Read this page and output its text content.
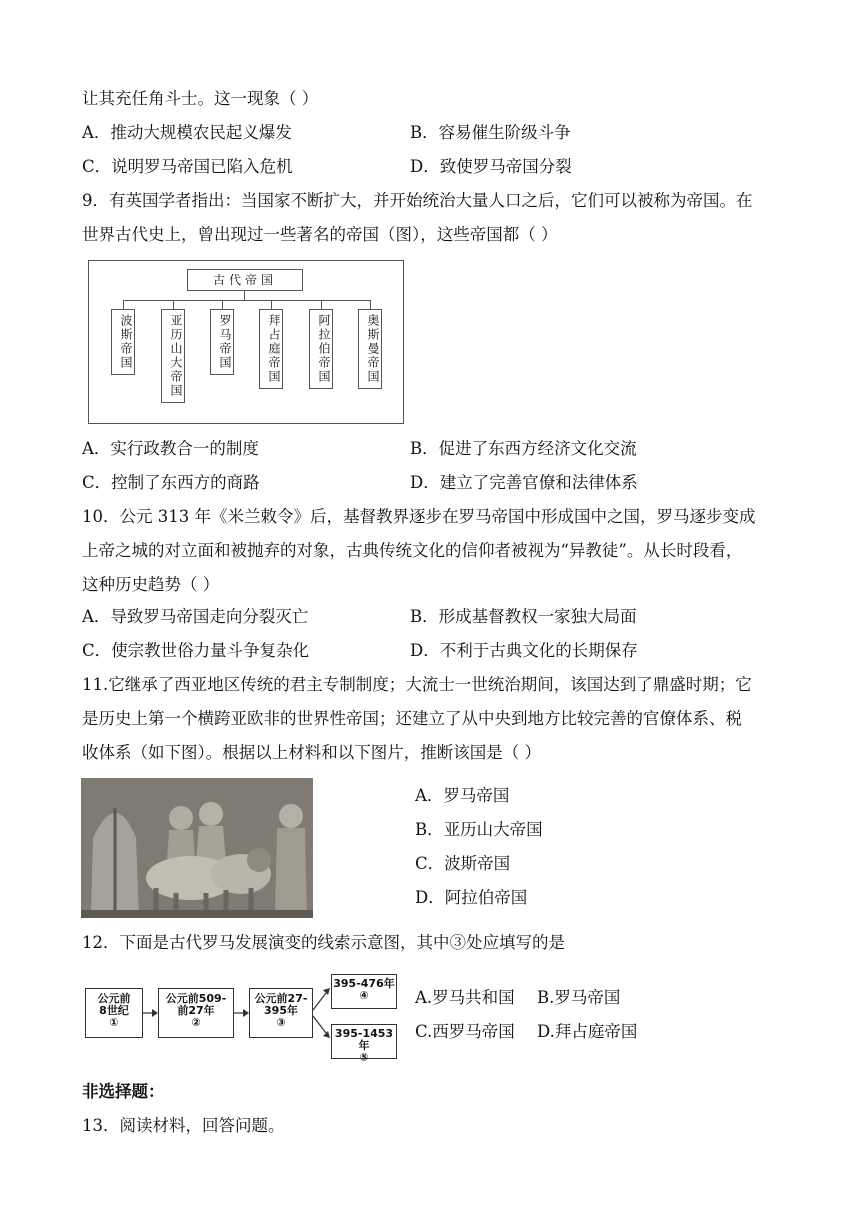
让其充任角斗士。这一现象（ ）
A．推动大规模农民起义爆发	B．容易催生阶级斗争
C．说明罗马帝国已陷入危机	D．致使罗马帝国分裂
9．有英国学者指出：当国家不断扩大，并开始统治大量人口之后，它们可以被称为帝国。在
世界古代史上，曾出现过一些著名的帝国（图），这些帝国都（ ）
古代帝国
波斯帝国	亚历山大帝国	罗马帝国	拜占庭帝国	阿拉伯帝国	奥斯曼帝国
A．实行政教合一的制度	B．促进了东西方经济文化交流
C．控制了东西方的商路	D．建立了完善官僚和法律体系
10．公元 313 年《米兰敕令》后，基督教界逐步在罗马帝国中形成国中之国，罗马逐步变成
上帝之城的对立面和被抛弃的对象，古典传统文化的信仰者被视为“异教徒”。从长时段看，
这种历史趋势（ ）
A．导致罗马帝国走向分裂灭亡	B．形成基督教权一家独大局面
C．使宗教世俗力量斗争复杂化	D．不利于古典文化的长期保存
11.它继承了西亚地区传统的君主专制制度；大流士一世统治期间，该国达到了鼎盛时期；它
是历史上第一个横跨亚欧非的世界性帝国；还建立了从中央到地方比较完善的官僚体系、税
收体系（如下图）。根据以上材料和以下图片，推断该国是（ ）
A．罗马帝国
B．亚历山大帝国
C．波斯帝国
D．阿拉伯帝国
12．下面是古代罗马发展演变的线索示意图，其中③处应填写的是
公元前
8世纪
①
公元前509-
前27年
②
公元前27-
395年
③
395-476年
④
395-1453年
⑤
A.罗马共和国 B.罗马帝国
C.西罗马帝国 D.拜占庭帝国
非选择题：
13．阅读材料，回答问题。
